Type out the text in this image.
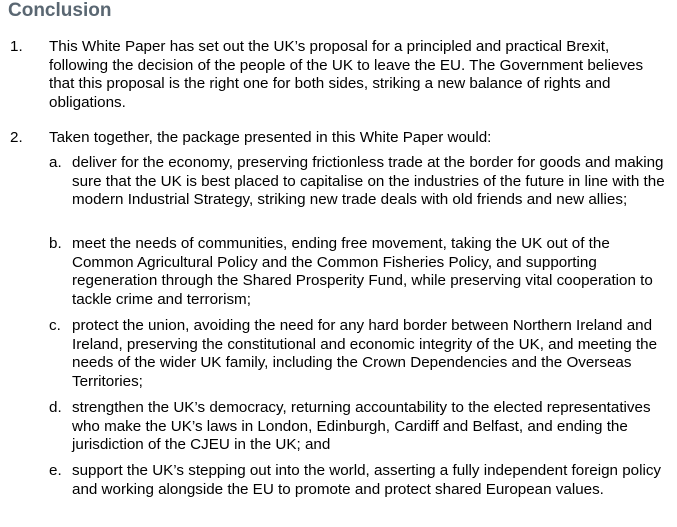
Conclusion
1. This White Paper has set out the UK’s proposal for a principled and practical Brexit, following the decision of the people of the UK to leave the EU. The Government believes that this proposal is the right one for both sides, striking a new balance of rights and obligations.
2. Taken together, the package presented in this White Paper would:
a. deliver for the economy, preserving frictionless trade at the border for goods and making sure that the UK is best placed to capitalise on the industries of the future in line with the modern Industrial Strategy, striking new trade deals with old friends and new allies;
b. meet the needs of communities, ending free movement, taking the UK out of the Common Agricultural Policy and the Common Fisheries Policy, and supporting regeneration through the Shared Prosperity Fund, while preserving vital cooperation to tackle crime and terrorism;
c. protect the union, avoiding the need for any hard border between Northern Ireland and Ireland, preserving the constitutional and economic integrity of the UK, and meeting the needs of the wider UK family, including the Crown Dependencies and the Overseas Territories;
d. strengthen the UK’s democracy, returning accountability to the elected representatives who make the UK’s laws in London, Edinburgh, Cardiff and Belfast, and ending the jurisdiction of the CJEU in the UK; and
e. support the UK’s stepping out into the world, asserting a fully independent foreign policy and working alongside the EU to promote and protect shared European values.
